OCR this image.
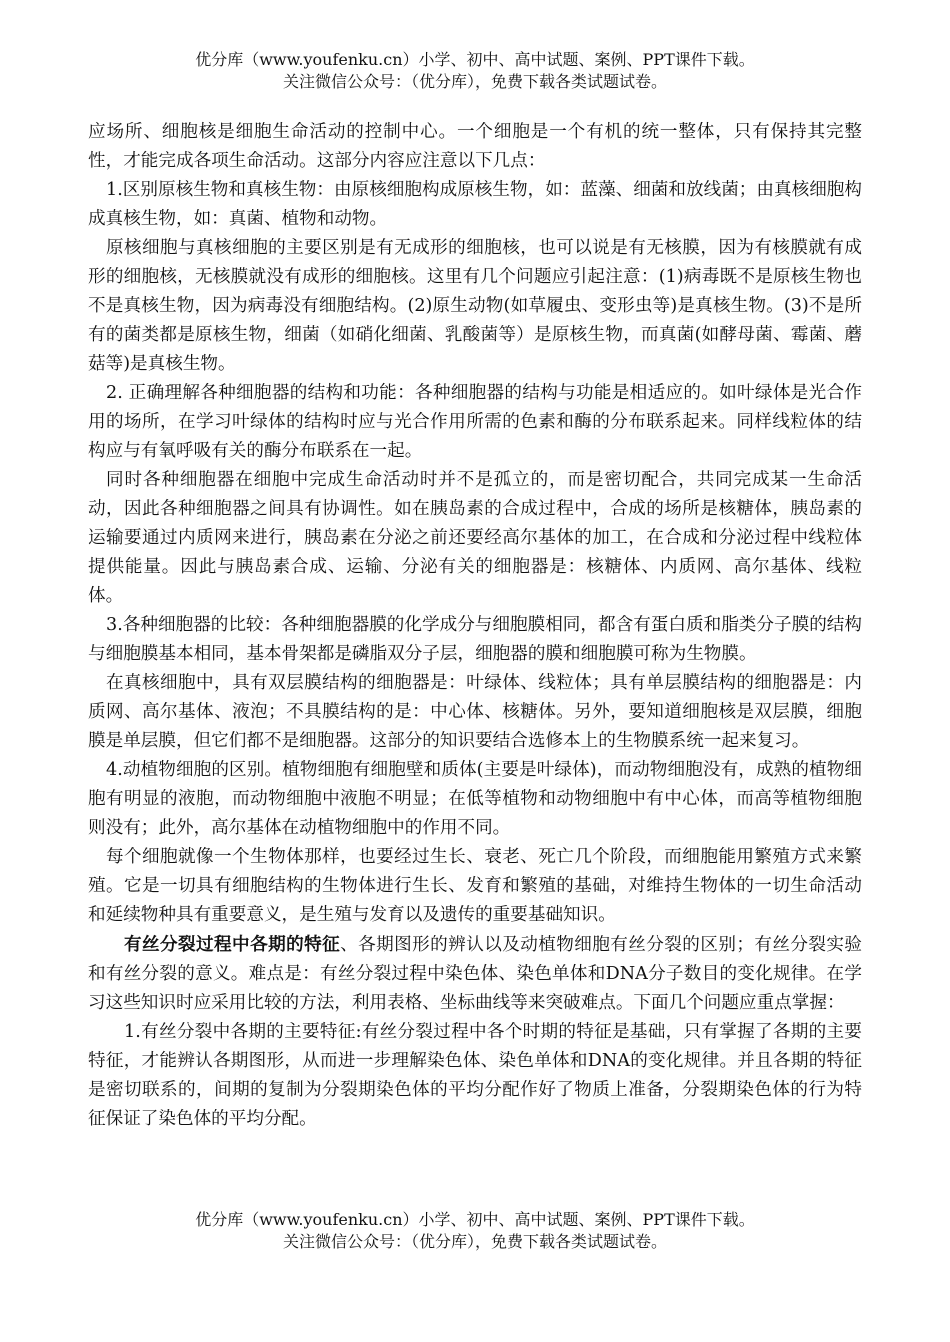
优分库（www.youfenku.cn）小学、初中、高中试题、案例、PPT课件下载。
关注微信公众号：（优分库），免费下载各类试题试卷。

应场所、细胞核是细胞生命活动的控制中心。一个细胞是一个有机的统一整体，只有保持其完整性，才能完成各项生命活动。这部分内容应注意以下几点：

1.区别原核生物和真核生物：由原核细胞构成原核生物，如：蓝藻、细菌和放线菌；由真核细胞构成真核生物，如：真菌、植物和动物。

原核细胞与真核细胞的主要区别是有无成形的细胞核，也可以说是有无核膜，因为有核膜就有成形的细胞核，无核膜就没有成形的细胞核。这里有几个问题应引起注意：(1)病毒既不是原核生物也不是真核生物，因为病毒没有细胞结构。(2)原生动物(如草履虫、变形虫等)是真核生物。(3)不是所有的菌类都是原核生物，细菌（如硝化细菌、乳酸菌等）是原核生物，而真菌(如酵母菌、霉菌、蘑菇等)是真核生物。

2. 正确理解各种细胞器的结构和功能：各种细胞器的结构与功能是相适应的。如叶绿体是光合作用的场所，在学习叶绿体的结构时应与光合作用所需的色素和酶的分布联系起来。同样线粒体的结构应与有氧呼吸有关的酶分布联系在一起。

同时各种细胞器在细胞中完成生命活动时并不是孤立的，而是密切配合，共同完成某一生命活动，因此各种细胞器之间具有协调性。如在胰岛素的合成过程中，合成的场所是核糖体，胰岛素的运输要通过内质网来进行，胰岛素在分泌之前还要经高尔基体的加工，在合成和分泌过程中线粒体提供能量。因此与胰岛素合成、运输、分泌有关的细胞器是：核糖体、内质网、高尔基体、线粒体。

3.各种细胞器的比较：各种细胞器膜的化学成分与细胞膜相同，都含有蛋白质和脂类分子膜的结构与细胞膜基本相同，基本骨架都是磷脂双分子层，细胞器的膜和细胞膜可称为生物膜。

在真核细胞中，具有双层膜结构的细胞器是：叶绿体、线粒体；具有单层膜结构的细胞器是：内质网、高尔基体、液泡；不具膜结构的是：中心体、核糖体。另外，要知道细胞核是双层膜，细胞膜是单层膜，但它们都不是细胞器。这部分的知识要结合选修本上的生物膜系统一起来复习。

4.动植物细胞的区别。植物细胞有细胞壁和质体(主要是叶绿体)，而动物细胞没有，成熟的植物细胞有明显的液胞，而动物细胞中液胞不明显；在低等植物和动物细胞中有中心体，而高等植物细胞则没有；此外，高尔基体在动植物细胞中的作用不同。

每个细胞就像一个生物体那样，也要经过生长、衰老、死亡几个阶段，而细胞能用繁殖方式来繁殖。它是一切具有细胞结构的生物体进行生长、发育和繁殖的基础，对维持生物体的一切生命活动和延续物种具有重要意义，是生殖与发育以及遗传的重要基础知识。

有丝分裂过程中各期的特征、各期图形的辨认以及动植物细胞有丝分裂的区别；有丝分裂实验和有丝分裂的意义。难点是：有丝分裂过程中染色体、染色单体和DNA分子数目的变化规律。在学习这些知识时应采用比较的方法，利用表格、坐标曲线等来突破难点。下面几个问题应重点掌握：

1.有丝分裂中各期的主要特征:有丝分裂过程中各个时期的特征是基础，只有掌握了各期的主要特征，才能辨认各期图形，从而进一步理解染色体、染色单体和DNA的变化规律。并且各期的特征是密切联系的，间期的复制为分裂期染色体的平均分配作好了物质上准备，分裂期染色体的行为特征保证了染色体的平均分配。

优分库（www.youfenku.cn）小学、初中、高中试题、案例、PPT课件下载。
关注微信公众号：（优分库），免费下载各类试题试卷。
